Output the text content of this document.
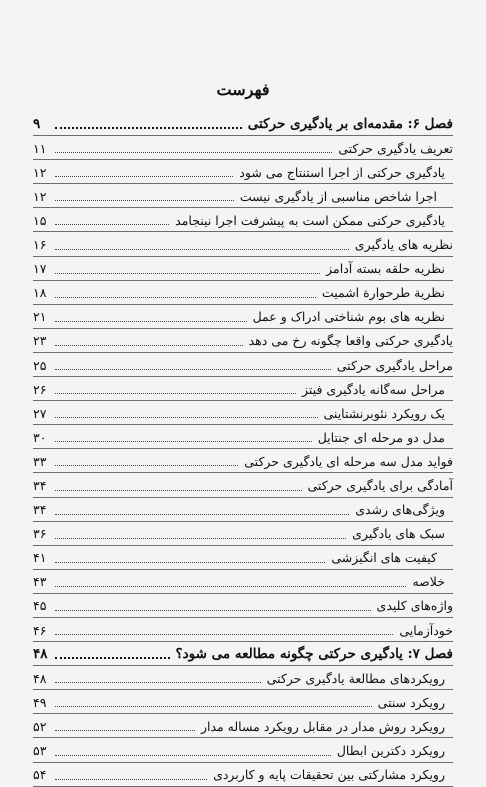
فهرست
فصل ۶: مقدمه‌ای بر یادگیری حرکتی
۹
تعریف یادگیری حرکتی
۱۱
یادگیری حرکتی از اجرا استنتاج می شود
۱۲
اجرا شاخص مناسبی از یادگیری نیست
۱۲
یادگیری حرکتی ممکن است به پیشرفت اجرا نینجامد
۱۵
نظریه های یادگیری
۱۶
نظریه حلقه بسته آدامز
۱۷
نظریة طرحوارة اشمیت
۱۸
نظریه های بوم شناختی ادراک و عمل
۲۱
یادگیری حرکتی واقعا چگونه رخ می دهد
۲۳
مراحل یادگیری حرکتی
۲۵
مراحل سه‌گانه یادگیری فیتز
۲۶
یک رویکرد نئوبرنشتاینی
۲۷
مدل دو مرحله ای جنتایل
۳۰
فواید مدل سه مرحله ای یادگیری حرکتی
۳۳
آمادگی برای یادگیری حرکتی
۳۴
ویژگی‌های رشدی
۳۴
سبک های یادگیری
۳۶
کیفیت های انگیزشی
۴۱
خلاصه
۴۳
واژه‌های کلیدی
۴۵
خودآزمایی
۴۶
فصل ۷: یادگیری حرکتی چگونه مطالعه می شود؟
۴۸
رویکردهای مطالعة یادگیری حرکتی
۴۸
رویکرد سنتی
۴۹
رویکرد روش مدار در مقابل رویکرد مساله مدار
۵۲
رویکرد دکترین ابطال
۵۳
رویکرد مشارکتی بین تحقیقات پایه و کاربردی
۵۴
